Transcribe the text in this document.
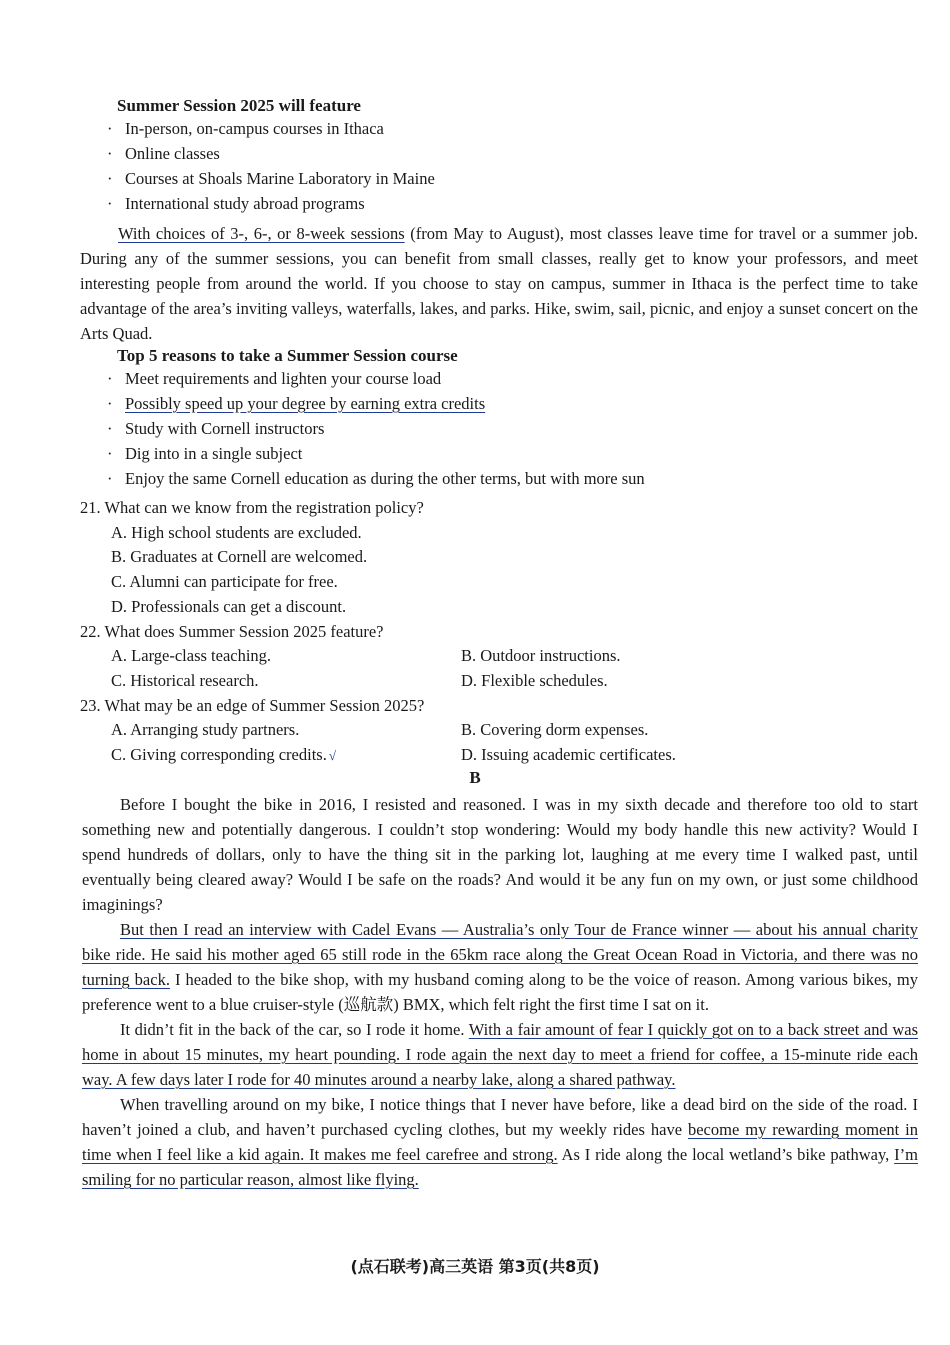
Summer Session 2025 will feature
· In-person, on-campus courses in Ithaca
· Online classes
· Courses at Shoals Marine Laboratory in Maine
· International study abroad programs
With choices of 3-, 6-, or 8-week sessions (from May to August), most classes leave time for travel or a summer job. During any of the summer sessions, you can benefit from small classes, really get to know your professors, and meet interesting people from around the world. If you choose to stay on campus, summer in Ithaca is the perfect time to take advantage of the area’s inviting valleys, waterfalls, lakes, and parks. Hike, swim, sail, picnic, and enjoy a sunset concert on the Arts Quad.
Top 5 reasons to take a Summer Session course
· Meet requirements and lighten your course load
· Possibly speed up your degree by earning extra credits
· Study with Cornell instructors
· Dig into in a single subject
· Enjoy the same Cornell education as during the other terms, but with more sun
21. What can we know from the registration policy?
A. High school students are excluded.
B. Graduates at Cornell are welcomed.
C. Alumni can participate for free.
D. Professionals can get a discount.
22. What does Summer Session 2025 feature?
A. Large-class teaching.	B. Outdoor instructions.
C. Historical research.	D. Flexible schedules.
23. What may be an edge of Summer Session 2025?
A. Arranging study partners.	B. Covering dorm expenses.
C. Giving corresponding credits. √	D. Issuing academic certificates.
B
Before I bought the bike in 2016, I resisted and reasoned. I was in my sixth decade and therefore too old to start something new and potentially dangerous. I couldn’t stop wondering: Would my body handle this new activity? Would I spend hundreds of dollars, only to have the thing sit in the parking lot, laughing at me every time I walked past, until eventually being cleared away? Would I be safe on the roads? And would it be any fun on my own, or just some childhood imaginings?
But then I read an interview with Cadel Evans — Australia’s only Tour de France winner — about his annual charity bike ride. He said his mother aged 65 still rode in the 65km race along the Great Ocean Road in Victoria, and there was no turning back. I headed to the bike shop, with my husband coming along to be the voice of reason. Among various bikes, my preference went to a blue cruiser-style (巡航款) BMX, which felt right the first time I sat on it.
It didn’t fit in the back of the car, so I rode it home. With a fair amount of fear I quickly got on to a back street and was home in about 15 minutes, my heart pounding. I rode again the next day to meet a friend for coffee, a 15-minute ride each way. A few days later I rode for 40 minutes around a nearby lake, along a shared pathway.
When travelling around on my bike, I notice things that I never have before, like a dead bird on the side of the road. I haven’t joined a club, and haven’t purchased cycling clothes, but my weekly rides have become my rewarding moment in time when I feel like a kid again. It makes me feel carefree and strong. As I ride along the local wetland’s bike pathway, I’m smiling for no particular reason, almost like flying.
(点石联考)高三英语 第3页(共8页)
